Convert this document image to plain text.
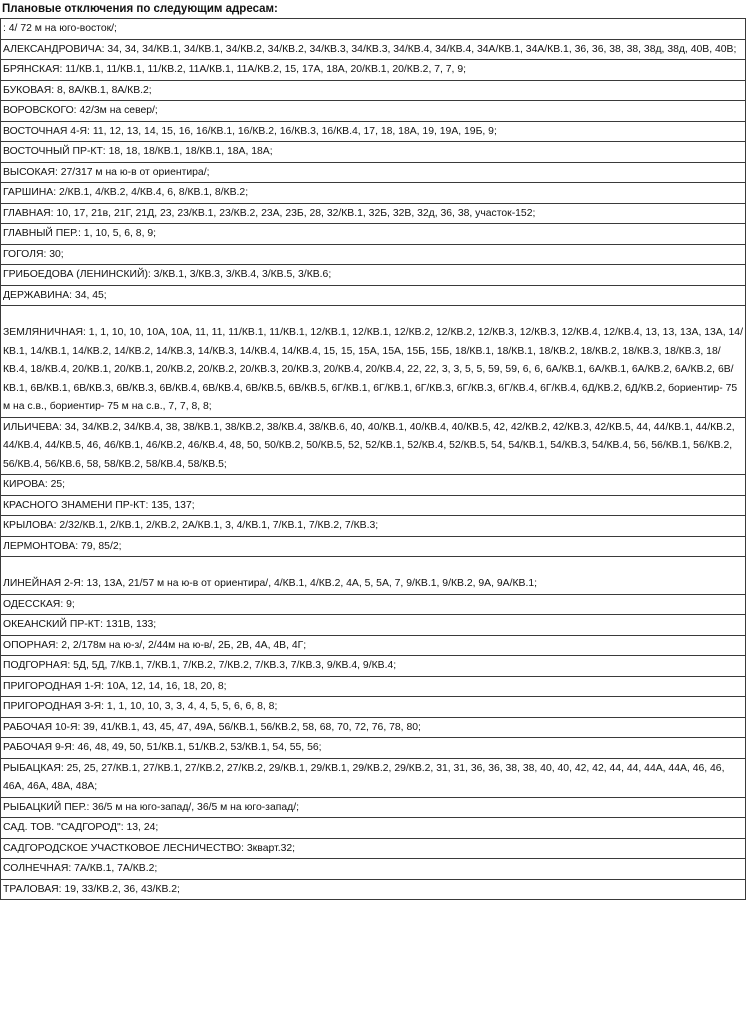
Плановые отключения по следующим адресам:
: 4/ 72 м на юго-восток/;
АЛЕКСАНДРОВИЧА: 34, 34, 34/КВ.1, 34/КВ.1, 34/КВ.2, 34/КВ.2, 34/КВ.3, 34/КВ.3, 34/КВ.4, 34/КВ.4, 34А/КВ.1, 34А/КВ.1, 36, 36, 38, 38, 38д, 38д, 40В, 40В;
БРЯНСКАЯ: 11/КВ.1, 11/КВ.1, 11/КВ.2, 11А/КВ.1, 11А/КВ.2, 15, 17А, 18А, 20/КВ.1, 20/КВ.2, 7, 7, 9;
БУКОВАЯ: 8, 8А/КВ.1, 8А/КВ.2;
ВОРОВСКОГО: 42/3м на север/;
ВОСТОЧНАЯ 4-Я: 11, 12, 13, 14, 15, 16, 16/КВ.1, 16/КВ.2, 16/КВ.3, 16/КВ.4, 17, 18, 18А, 19, 19А, 19Б, 9;
ВОСТОЧНЫЙ ПР-КТ: 18, 18, 18/КВ.1, 18/КВ.1, 18А, 18А;
ВЫСОКАЯ: 27/317 м на ю-в от ориентира/;
ГАРШИНА: 2/КВ.1, 4/КВ.2, 4/КВ.4, 6, 8/КВ.1, 8/КВ.2;
ГЛАВНАЯ: 10, 17, 21в, 21Г, 21Д, 23, 23/КВ.1, 23/КВ.2, 23А, 23Б, 28, 32/КВ.1, 32Б, 32В, 32д, 36, 38, участок-152;
ГЛАВНЫЙ ПЕР.: 1, 10, 5, 6, 8, 9;
ГОГОЛЯ: 30;
ГРИБОЕДОВА (ЛЕНИНСКИЙ): 3/КВ.1, 3/КВ.3, 3/КВ.4, 3/КВ.5, 3/КВ.6;
ДЕРЖАВИНА: 34, 45;
ЗЕМЛЯНИЧНАЯ: 1, 1, 10, 10, 10А, 10А, 11, 11, 11/КВ.1, 11/КВ.1, 12/КВ.1, 12/КВ.1, 12/КВ.2, 12/КВ.2, 12/КВ.3, 12/КВ.3, 12/КВ.4, 12/КВ.4, 13, 13, 13А, 13А, 14/КВ.1, 14/КВ.1, 14/КВ.2, 14/КВ.2, 14/КВ.3, 14/КВ.3, 14/КВ.4, 14/КВ.4, 15, 15, 15А, 15А, 15Б, 15Б, 18/КВ.1, 18/КВ.1, 18/КВ.2, 18/КВ.2, 18/КВ.3, 18/КВ.3, 18/КВ.4, 18/КВ.4, 20/КВ.1, 20/КВ.1, 20/КВ.2, 20/КВ.2, 20/КВ.3, 20/КВ.3, 20/КВ.4, 20/КВ.4, 22, 22, 3, 3, 5, 5, 59, 59, 6, 6, 6А/КВ.1, 6А/КВ.1, 6А/КВ.2, 6А/КВ.2, 6В/КВ.1, 6В/КВ.1, 6В/КВ.3, 6В/КВ.3, 6В/КВ.4, 6В/КВ.4, 6В/КВ.5, 6В/КВ.5, 6Г/КВ.1, 6Г/КВ.1, 6Г/КВ.3, 6Г/КВ.3, 6Г/КВ.4, 6Г/КВ.4, 6Д/КВ.2, 6Д/КВ.2, бориентир- 75 м на с.в., бориентир- 75 м на с.в., 7, 7, 8, 8;
ИЛЬИЧЕВА: 34, 34/КВ.2, 34/КВ.4, 38, 38/КВ.1, 38/КВ.2, 38/КВ.4, 38/КВ.6, 40, 40/КВ.1, 40/КВ.4, 40/КВ.5, 42, 42/КВ.2, 42/КВ.3, 42/КВ.5, 44, 44/КВ.1, 44/КВ.2, 44/КВ.4, 44/КВ.5, 46, 46/КВ.1, 46/КВ.2, 46/КВ.4, 48, 50, 50/КВ.2, 50/КВ.5, 52, 52/КВ.1, 52/КВ.4, 52/КВ.5, 54, 54/КВ.1, 54/КВ.3, 54/КВ.4, 56, 56/КВ.1, 56/КВ.2, 56/КВ.4, 56/КВ.6, 58, 58/КВ.2, 58/КВ.4, 58/КВ.5;
КИРОВА: 25;
КРАСНОГО ЗНАМЕНИ ПР-КТ: 135, 137;
КРЫЛОВА: 2/32/КВ.1, 2/КВ.1, 2/КВ.2, 2А/КВ.1, 3, 4/КВ.1, 7/КВ.1, 7/КВ.2, 7/КВ.3;
ЛЕРМОНТОВА: 79, 85/2;
ЛИНЕЙНАЯ 2-Я: 13, 13А, 21/57 м на ю-в от ориентира/, 4/КВ.1, 4/КВ.2, 4А, 5, 5А, 7, 9/КВ.1, 9/КВ.2, 9А, 9А/КВ.1;
ОДЕССКАЯ: 9;
ОКЕАНСКИЙ ПР-КТ: 131В, 133;
ОПОРНАЯ: 2, 2/178м на ю-з/, 2/44м на ю-в/, 2Б, 2В, 4А, 4В, 4Г;
ПОДГОРНАЯ: 5Д, 5Д, 7/КВ.1, 7/КВ.1, 7/КВ.2, 7/КВ.2, 7/КВ.3, 7/КВ.3, 9/КВ.4, 9/КВ.4;
ПРИГОРОДНАЯ 1-Я: 10А, 12, 14, 16, 18, 20, 8;
ПРИГОРОДНАЯ 3-Я: 1, 1, 10, 10, 3, 3, 4, 4, 5, 5, 6, 6, 8, 8;
РАБОЧАЯ 10-Я: 39, 41/КВ.1, 43, 45, 47, 49А, 56/КВ.1, 56/КВ.2, 58, 68, 70, 72, 76, 78, 80;
РАБОЧАЯ 9-Я: 46, 48, 49, 50, 51/КВ.1, 51/КВ.2, 53/КВ.1, 54, 55, 56;
РЫБАЦКАЯ: 25, 25, 27/КВ.1, 27/КВ.1, 27/КВ.2, 27/КВ.2, 29/КВ.1, 29/КВ.1, 29/КВ.2, 29/КВ.2, 31, 31, 36, 36, 38, 38, 40, 40, 42, 42, 44, 44, 44А, 44А, 46, 46, 46А, 46А, 48А, 48А;
РЫБАЦКИЙ ПЕР.: 36/5 м на юго-запад/, 36/5 м на юго-запад/;
САД. ТОВ. "САДГОРОД": 13, 24;
САДГОРОДСКОЕ УЧАСТКОВОЕ ЛЕСНИЧЕСТВО: 3квaрт.32;
СОЛНЕЧНАЯ: 7А/КВ.1, 7А/КВ.2;
ТРАЛОВАЯ: 19, 33/КВ.2, 36, 43/КВ.2;
